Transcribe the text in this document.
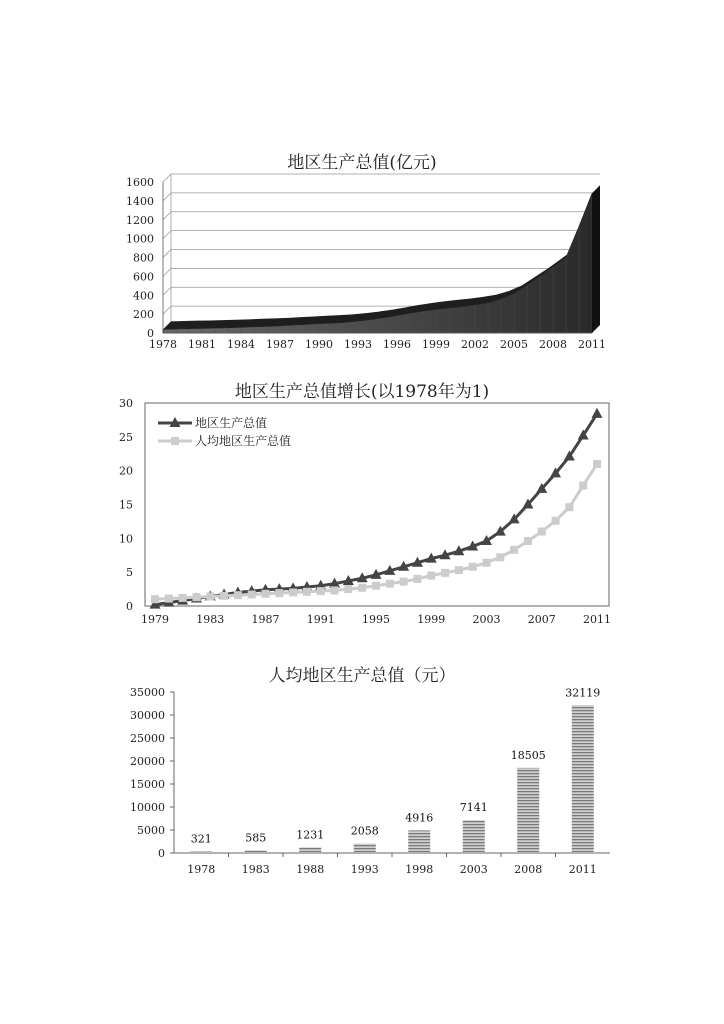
地区生产总值(亿元)
0
200
400
600
800
1000
1200
1400
1600
1978 1981 1984 1987 1990 1993 1996 1999 2002 2005 2008 2011
地区生产总值增长(以1978年为1)
0
5
10
15
20
25
30
1979 1983 1987 1991 1995 1999 2003 2007 2011
地区生产总值
人均地区生产总值
人均地区生产总值（元）
0
5000
10000
15000
20000
25000
30000
35000
321
1978
585
1983
1231
1988
2058
1993
4916
1998
7141
2003
18505
2008
32119
2011
